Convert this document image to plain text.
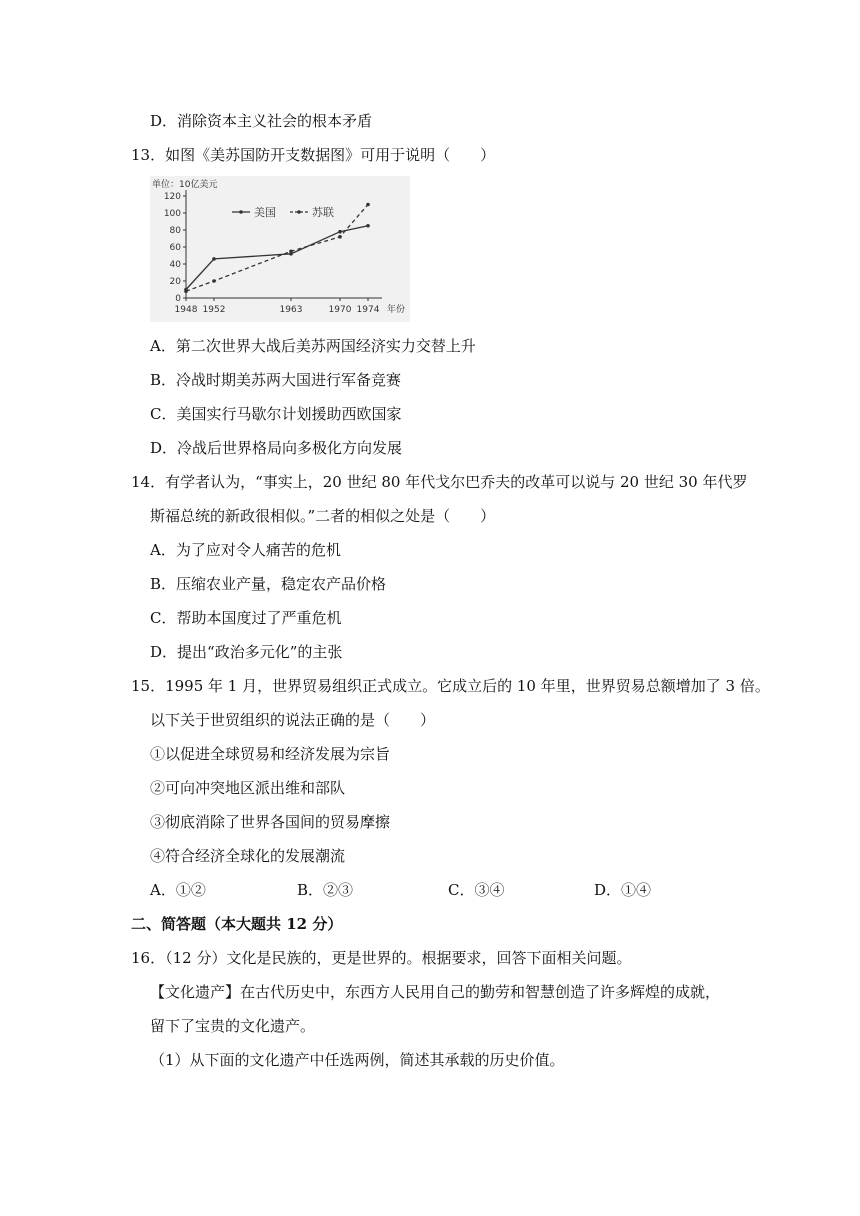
D．消除资本主义社会的根本矛盾
13．如图《美苏国防开支数据图》可用于说明（　　）
单位：10亿美元
0
20
40
60
80
100
120
1948 1952	1963	1970 1974 年份
美国	苏联
A．第二次世界大战后美苏两国经济实力交替上升
B．冷战时期美苏两大国进行军备竞赛
C．美国实行马歇尔计划援助西欧国家
D．冷战后世界格局向多极化方向发展
14．有学者认为，“事实上，20 世纪 80 年代戈尔巴乔夫的改革可以说与 20 世纪 30 年代罗
斯福总统的新政很相似。”二者的相似之处是（　　）
A．为了应对令人痛苦的危机
B．压缩农业产量，稳定农产品价格
C．帮助本国度过了严重危机
D．提出“政治多元化”的主张
15．1995 年 1 月，世界贸易组织正式成立。它成立后的 10 年里，世界贸易总额增加了 3 倍。
以下关于世贸组织的说法正确的是（　　）
①以促进全球贸易和经济发展为宗旨
②可向冲突地区派出维和部队
③彻底消除了世界各国间的贸易摩擦
④符合经济全球化的发展潮流
A．①②	B．②③	C．③④	D．①④
二、简答题（本大题共 12 分）
16．（12 分）文化是民族的，更是世界的。根据要求，回答下面相关问题。
【文化遗产】在古代历史中，东西方人民用自己的勤劳和智慧创造了许多辉煌的成就，
留下了宝贵的文化遗产。
（1）从下面的文化遗产中任选两例，简述其承载的历史价值。
